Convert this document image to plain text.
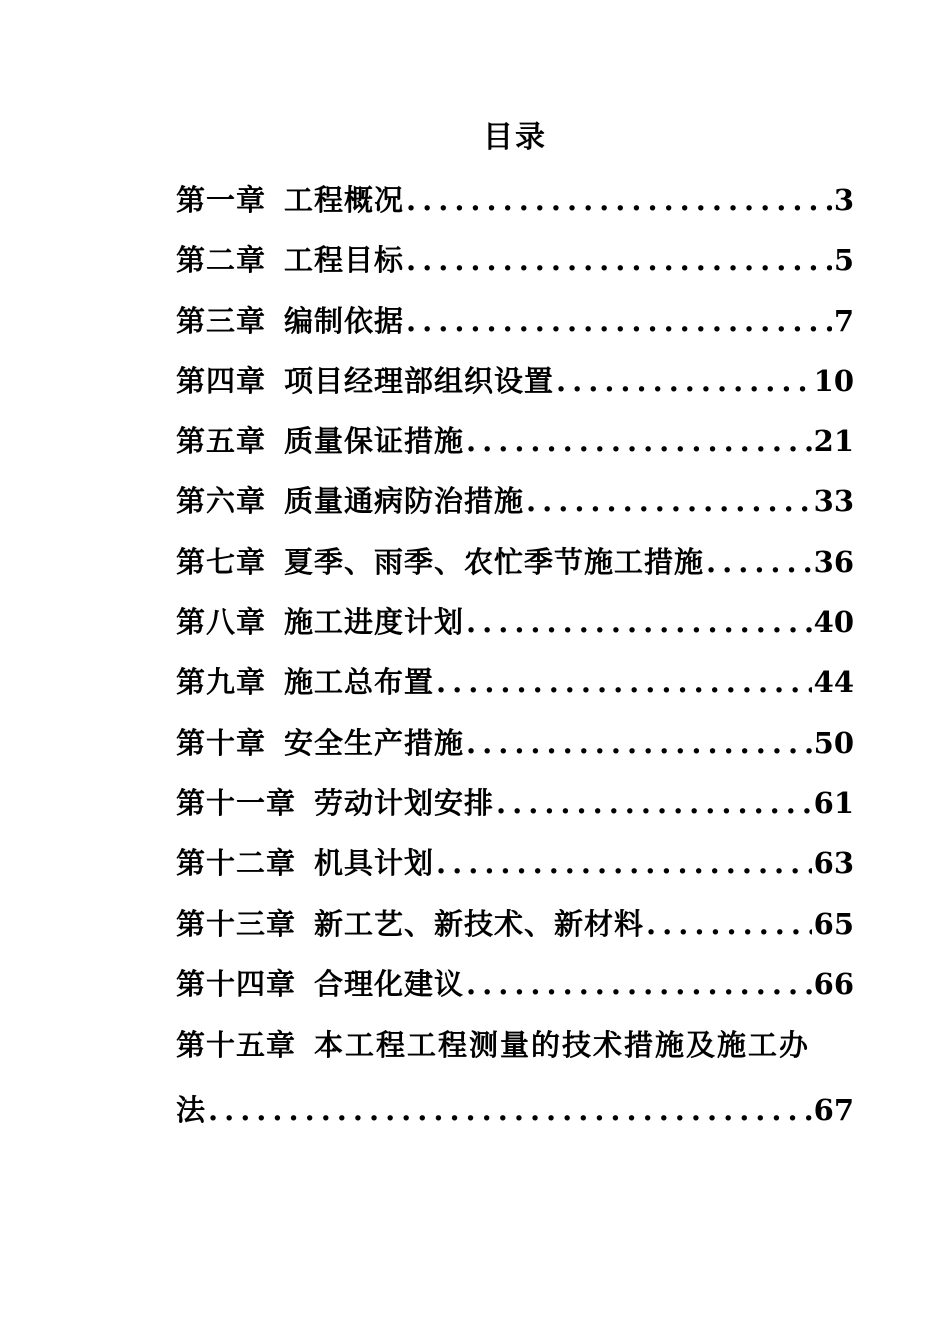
目录
第一章 工程概况 .....	3
第二章 工程目标 .....	5
第三章 编制依据 .....	7
第四章 项目经理部组织设置 .....	10
第五章 质量保证措施 .....	21
第六章 质量通病防治措施 .....	33
第七章 夏季、雨季、农忙季节施工措施 .....	36
第八章 施工进度计划 .....	40
第九章 施工总布置 .....	44
第十章 安全生产措施 .....	50
第十一章 劳动计划安排 .....	61
第十二章 机具计划 .....	63
第十三章 新工艺、新技术、新材料 .....	65
第十四章 合理化建议 .....	66
第十五章 本工程工程测量的技术措施及施工办
法 .....	67
